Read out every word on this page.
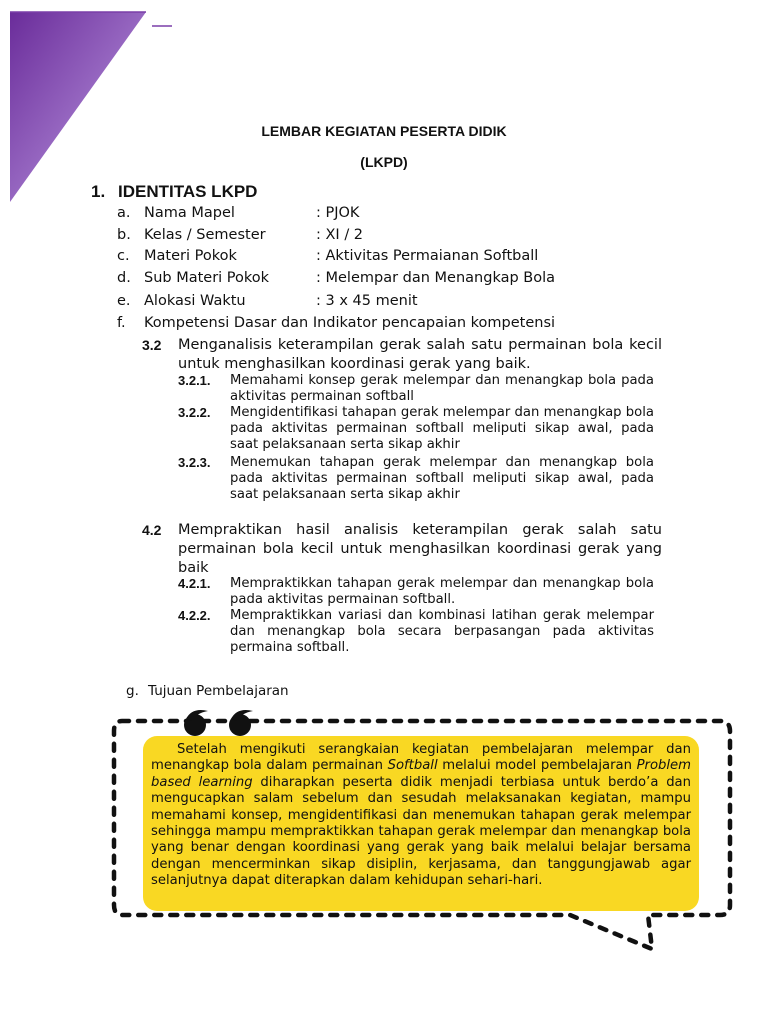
LEMBAR KEGIATAN PESERTA DIDIK
(LKPD)
1. IDENTITAS LKPD
a. Nama Mapel	: PJOK
b. Kelas / Semester	: XI / 2
c. Materi Pokok	: Aktivitas Permaianan Softball
d. Sub Materi Pokok	: Melempar dan Menangkap Bola
e. Alokasi Waktu	: 3 x 45 menit
f. Kompetensi Dasar dan Indikator pencapaian kompetensi
3.2 Menganalisis keterampilan gerak salah satu permainan bola kecil untuk menghasilkan koordinasi gerak yang baik.
3.2.1. Memahami konsep gerak melempar dan menangkap bola pada aktivitas permainan softball
3.2.2. Mengidentifikasi tahapan gerak melempar dan menangkap bola pada aktivitas permainan softball meliputi sikap awal, pada saat pelaksanaan serta sikap akhir
3.2.3. Menemukan tahapan gerak melempar dan menangkap bola pada aktivitas permainan softball meliputi sikap awal, pada saat pelaksanaan serta sikap akhir
4.2 Mempraktikan hasil analisis keterampilan gerak salah satu permainan bola kecil untuk menghasilkan koordinasi gerak yang baik
4.2.1. Mempraktikkan tahapan gerak melempar dan menangkap bola pada aktivitas permainan softball.
4.2.2. Mempraktikkan variasi dan kombinasi latihan gerak melempar dan menangkap bola secara berpasangan pada aktivitas permaina softball.
g. Tujuan Pembelajaran
Setelah mengikuti serangkaian kegiatan pembelajaran melempar dan menangkap bola dalam permainan Softball melalui model pembelajaran Problem based learning diharapkan peserta didik menjadi terbiasa untuk berdo’a dan mengucapkan salam sebelum dan sesudah melaksanakan kegiatan, mampu memahami konsep, mengidentifikasi dan menemukan tahapan gerak melempar sehingga mampu mempraktikkan tahapan gerak melempar dan menangkap bola yang benar dengan koordinasi yang gerak yang baik melalui belajar bersama dengan mencerminkan sikap disiplin, kerjasama, dan tanggungjawab agar selanjutnya dapat diterapkan dalam kehidupan sehari-hari.
